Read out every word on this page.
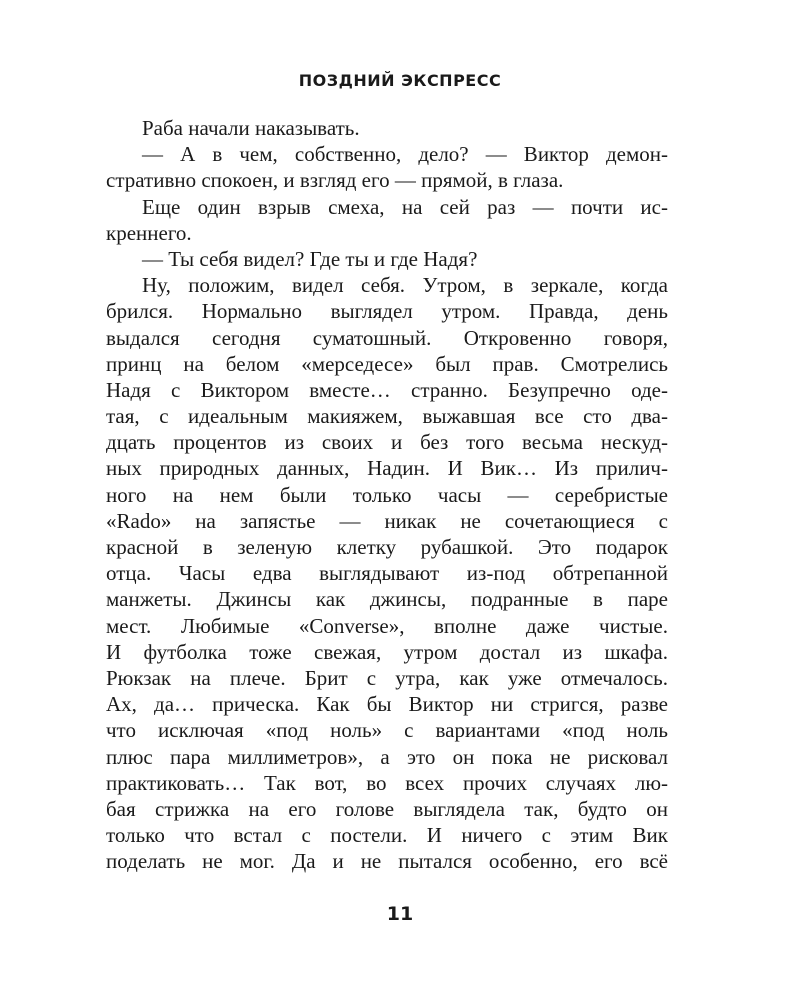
ПОЗДНИЙ ЭКСПРЕСС
Раба начали наказывать.
— А в чем, собственно, дело? — Виктор демон-
стративно спокоен, и взгляд его — прямой, в глаза.
Еще один взрыв смеха, на сей раз — почти ис-
креннего.
— Ты себя видел? Где ты и где Надя?
Ну, положим, видел себя. Утром, в зеркале, когда
брился. Нормально выглядел утром. Правда, день
выдался сегодня суматошный. Откровенно говоря,
принц на белом «мерседесе» был прав. Смотрелись
Надя с Виктором вместе… странно. Безупречно оде-
тая, с идеальным макияжем, выжавшая все сто два-
дцать процентов из своих и без того весьма нескуд-
ных природных данных, Надин. И Вик… Из прилич-
ного на нем были только часы — серебристые
«Rado» на запястье — никак не сочетающиеся с
красной в зеленую клетку рубашкой. Это подарок
отца. Часы едва выглядывают из-под обтрепанной
манжеты. Джинсы как джинсы, подранные в паре
мест. Любимые «Converse», вполне даже чистые.
И футболка тоже свежая, утром достал из шкафа.
Рюкзак на плече. Брит с утра, как уже отмечалось.
Ах, да… прическа. Как бы Виктор ни стригся, разве
что исключая «под ноль» с вариантами «под ноль
плюс пара миллиметров», а это он пока не рисковал
практиковать… Так вот, во всех прочих случаях лю-
бая стрижка на его голове выглядела так, будто он
только что встал с постели. И ничего с этим Вик
поделать не мог. Да и не пытался особенно, его всё
11
